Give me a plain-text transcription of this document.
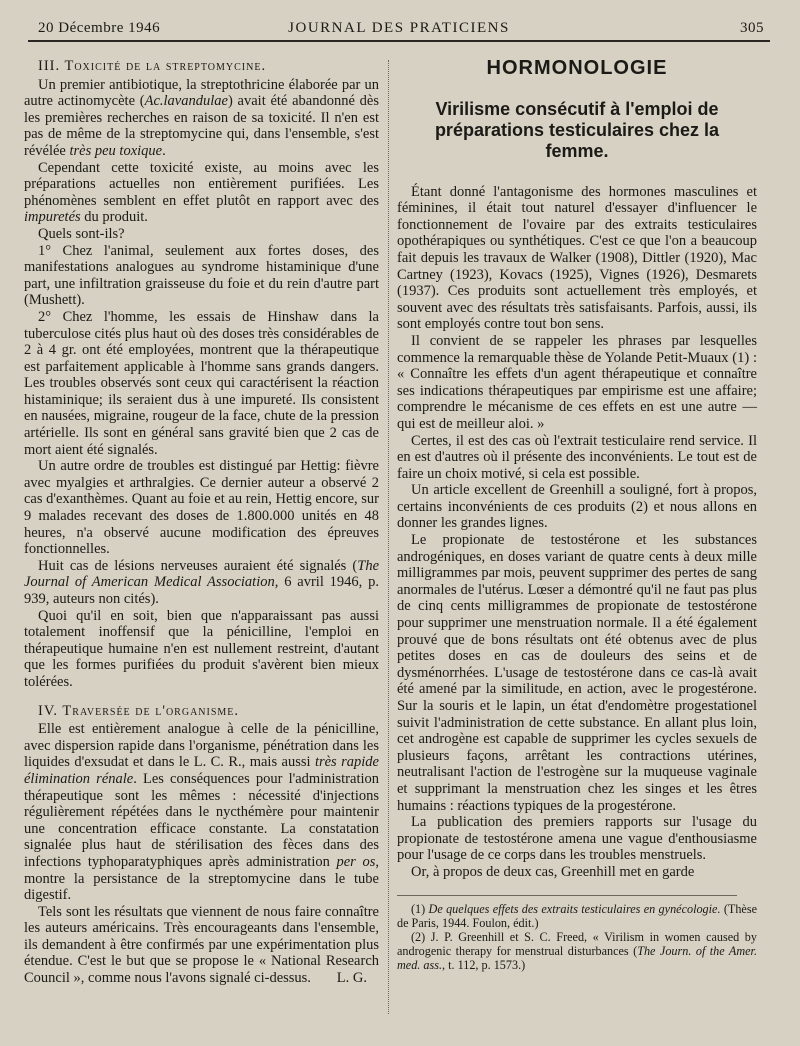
20 Décembre 1946	JOURNAL DES PRATICIENS	305

III. Toxicité de la streptomycine.

Un premier antibiotique, la streptothricine élaborée par un autre actinomycète (Ac.lavandulae) avait été abandonné dès les premières recherches en raison de sa toxicité. Il n'en est pas de même de la streptomycine qui, dans l'ensemble, s'est révélée très peu toxique.

Cependant cette toxicité existe, au moins avec les préparations actuelles non entièrement purifiées. Les phénomènes semblent en effet plutôt en rapport avec des impuretés du produit.

Quels sont-ils?

1° Chez l'animal, seulement aux fortes doses, des manifestations analogues au syndrome histaminique d'une part, une infiltration graisseuse du foie et du rein d'autre part (Mushett).

2° Chez l'homme, les essais de Hinshaw dans la tuberculose cités plus haut où des doses très considérables de 2 à 4 gr. ont été employées, montrent que la thérapeutique est parfaitement applicable à l'homme sans grands dangers. Les troubles observés sont ceux qui caractérisent la réaction histaminique; ils seraient dus à une impureté. Ils consistent en nausées, migraine, rougeur de la face, chute de la pression artérielle. Ils sont en général sans gravité bien que 2 cas de mort aient été signalés.

Un autre ordre de troubles est distingué par Hettig: fièvre avec myalgies et arthralgies. Ce dernier auteur a observé 2 cas d'exanthèmes. Quant au foie et au rein, Hettig encore, sur 9 malades recevant des doses de 1.800.000 unités en 48 heures, n'a observé aucune modification des épreuves fonctionnelles.

Huit cas de lésions nerveuses auraient été signalés (The Journal of American Medical Association, 6 avril 1946, p. 939, auteurs non cités).

Quoi qu'il en soit, bien que n'apparaissant pas aussi totalement inoffensif que la pénicilline, l'emploi en thérapeutique humaine n'en est nullement restreint, d'autant que les formes purifiées du produit s'avèrent bien mieux tolérées.

IV. Traversée de l'organisme.

Elle est entièrement analogue à celle de la pénicilline, avec dispersion rapide dans l'organisme, pénétration dans les liquides d'exsudat et dans le L. C. R., mais aussi très rapide élimination rénale. Les conséquences pour l'administration thérapeutique sont les mêmes : nécessité d'injections régulièrement répétées dans le nycthémère pour maintenir une concentration efficace constante. La constatation signalée plus haut de stérilisation des fèces dans des infections typhoparatyphiques après administration per os, montre la persistance de la streptomycine dans le tube digestif.

Tels sont les résultats que viennent de nous faire connaître les auteurs américains. Très encourageants dans l'ensemble, ils demandent à être confirmés par une expérimentation plus étendue. C'est le but que se propose le « National Research Council », comme nous l'avons signalé ci-dessus.	L. G.

HORMONOLOGIE

Virilisme consécutif à l'emploi de préparations testiculaires chez la femme.

Étant donné l'antagonisme des hormones masculines et féminines, il était tout naturel d'essayer d'influencer le fonctionnement de l'ovaire par des extraits testiculaires opothérapiques ou synthétiques. C'est ce que l'on a beaucoup fait depuis les travaux de Walker (1908), Dittler (1920), Mac Cartney (1923), Kovacs (1925), Vignes (1926), Desmarets (1937). Ces produits sont actuellement très employés, et souvent avec des résultats très satisfaisants. Parfois, aussi, ils sont employés contre tout bon sens.

Il convient de se rappeler les phrases par lesquelles commence la remarquable thèse de Yolande Petit-Muaux (1) : « Connaître les effets d'un agent thérapeutique et connaître ses indications thérapeutiques par empirisme est une affaire; comprendre le mécanisme de ces effets en est une autre — qui est de meilleur aloi. »

Certes, il est des cas où l'extrait testiculaire rend service. Il en est d'autres où il présente des inconvénients. Le tout est de faire un choix motivé, si cela est possible.

Un article excellent de Greenhill a souligné, fort à propos, certains inconvénients de ces produits (2) et nous allons en donner les grandes lignes.

Le propionate de testostérone et les substances androgéniques, en doses variant de quatre cents à deux mille milligrammes par mois, peuvent supprimer des pertes de sang anormales de l'utérus. Lœser a démontré qu'il ne faut pas plus de cinq cents milligrammes de propionate de testostérone pour supprimer une menstruation normale. Il a été également prouvé que de bons résultats ont été obtenus avec de plus petites doses en cas de douleurs des seins et de dysménorrhées. L'usage de testostérone dans ce cas-là avait été amené par la similitude, en action, avec le progestérone. Sur la souris et le lapin, un état d'endomètre progestationel suivit l'administration de cette substance. En allant plus loin, cet androgène est capable de supprimer les cycles sexuels de plusieurs façons, arrêtant les contractions utérines, neutralisant l'action de l'estrogène sur la muqueuse vaginale et supprimant la menstruation chez les singes et les êtres humains : réactions typiques de la progestérone.

La publication des premiers rapports sur l'usage du propionate de testostérone amena une vague d'enthousiasme pour l'usage de ce corps dans les troubles menstruels.

Or, à propos de deux cas, Greenhill met en garde

(1) De quelques effets des extraits testiculaires en gynécologie. (Thèse de Paris, 1944. Foulon, édit.)

(2) J. P. Greenhill et S. C. Freed, « Virilism in women caused by androgenic therapy for menstrual disturbances (The Journ. of the Amer. med. ass., t. 112, p. 1573.)
